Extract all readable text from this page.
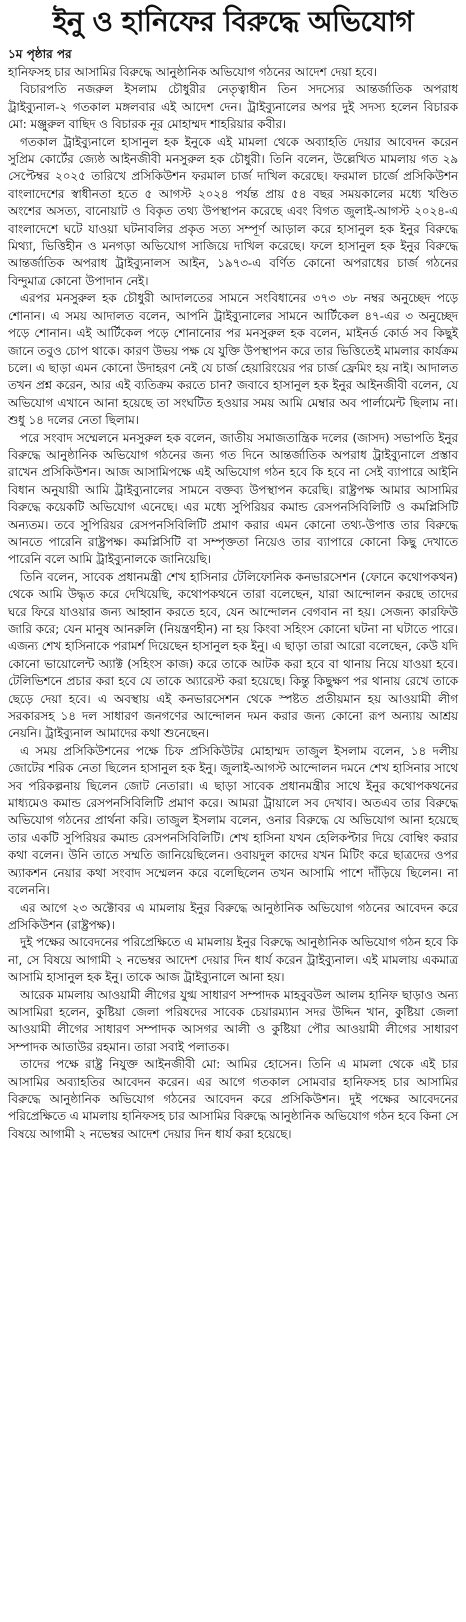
ইনু ও হানিফের বিরুদ্ধে অভিযোগ
১ম পৃষ্ঠার পর

হানিফসহ চার আসামির বিরুদ্ধে আনুষ্ঠানিক অভিযোগ গঠনের আদেশ দেয়া হবে।

বিচারপতি নজরুল ইসলাম চৌধুরীর নেতৃত্বাধীন তিন সদস্যের আন্তর্জাতিক অপরাধ ট্রাইব্যুনাল-২ গতকাল মঙ্গলবার এই আদেশ দেন। ট্রাইব্যুনালের অপর দুই সদস্য হলেন বিচারক মো: মঞ্জুরুল বাছিদ ও বিচারক নূর মোহাম্মদ শাহরিয়ার কবীর।

গতকাল ট্রাইব্যুনালে হাসানুল হক ইনুকে এই মামলা থেকে অব্যাহতি দেয়ার আবেদন করেন সুপ্রিম কোর্টের জ্যেষ্ঠ আইনজীবী মনসুরুল হক চৌধুরী। তিনি বলেন, উল্লেখিত মামলায় গত ২৯ সেপ্টেম্বর ২০২৫ তারিখে প্রসিকিউশন ফরমাল চার্জ দাখিল করেছে। ফরমাল চার্জে প্রসিকিউশন বাংলাদেশের স্বাধীনতা হতে ৫ আগস্ট ২০২৪ পর্যন্ত প্রায় ৫৪ বছর সময়কালের মধ্যে খণ্ডিত অংশের অসত্য, বানোয়াট ও বিকৃত তথ্য উপস্থাপন করেছে এবং বিগত জুলাই-আগস্ট ২০২৪-এ বাংলাদেশে ঘটে যাওয়া ঘটনাবলির প্রকৃত সত্য সম্পূর্ণ আড়াল করে হাসানুল হক ইনুর বিরুদ্ধে মিথ্যা, ভিত্তিহীন ও মনগড়া অভিযোগ সাজিয়ে দাখিল করেছে। ফলে হাসানুল হক ইনুর বিরুদ্ধে আন্তর্জাতিক অপরাধ ট্রাইব্যুনালস আইন, ১৯৭৩-এ বর্ণিত কোনো অপরাধের চার্জ গঠনের বিন্দুমাত্র কোনো উপাদান নেই।

এরপর মনসুরুল হক চৌধুরী আদালতের সামনে সংবিধানের ৩৭৩ ৩৮ নম্বর অনুচ্ছেদ পড়ে শোনান। এ সময় আদালত বলেন, আপনি ট্রাইব্যুনালের সামনে আর্টিকেল ৪৭-এর ৩ অনুচ্ছেদ পড়ে শোনান। এই আর্টিকেল পড়ে শোনানোর পর মনসুরুল হক বলেন, মাইনর্ড কোর্ড সব কিছুই জানে তবুও চোপ থাকে। কারণ উভয় পক্ষ যে যুক্তি উপস্থাপন করে তার ভিত্তিতেই মামলার কার্যক্রম চলে। এ ছাড়া এমন কোনো উদাহরণ নেই যে চার্জ হেয়ারিংয়ের পর চার্জ ফ্রেমিং হয় নাই। আদালত তখন প্রশ্ন করেন, আর এই ব্যতিক্রম করতে চান? জবাবে হাসানুল হক ইনুর আইনজীবী বলেন, যে অভিযোগ এখানে আনা হয়েছে তা সংঘটিত হওয়ার সময় আমি মেম্বার অব পার্লামেন্ট ছিলাম না। শুধু ১৪ দলের নেতা ছিলাম।

পরে সংবাদ সম্মেলনে মনসুরুল হক বলেন, জাতীয় সমাজতান্ত্রিক দলের (জাসদ) সভাপতি ইনুর বিরুদ্ধে আনুষ্ঠানিক অভিযোগ গঠনের জন্য গত দিনে আন্তর্জাতিক অপরাধ ট্রাইব্যুনালে প্রস্তাব রাখেন প্রসিকিউশন। আজ আসামিপক্ষে এই অভিযোগ গঠন হবে কি হবে না সেই ব্যাপারে আইনি বিধান অনুযায়ী আমি ট্রাইব্যুনালের সামনে বক্তব্য উপস্থাপন করেছি। রাষ্ট্রপক্ষ আমার আসামির বিরুদ্ধে কয়েকটি অভিযোগ এনেছে। এর মধ্যে সুপিরিয়র কমান্ড রেসপনসিবিলিটি ও কমপ্লিসিটি অন্যতম। তবে সুপিরিয়র রেসপনসিবিলিটি প্রমাণ করার এমন কোনো তথ্য-উপাত্ত তার বিরুদ্ধে আনতে পারেনি রাষ্ট্রপক্ষ। কমপ্লিসিটি বা সম্পৃক্ততা নিয়েও তার ব্যাপারে কোনো কিছু দেখাতে পারেনি বলে আমি ট্রাইব্যুনালকে জানিয়েছি।

তিনি বলেন, সাবেক প্রধানমন্ত্রী শেখ হাসিনার টেলিফোনিক কনভারসেশন (ফোনে কথোপকথন) থেকে আমি উদ্ধৃত করে দেখিয়েছি, কথোপকথনে তারা বলেছেন, যারা আন্দোলন করছে তাদের ঘরে ফিরে যাওয়ার জন্য আহ্বান করতে হবে, যেন আন্দোলন বেগবান না হয়। সেজন্য কারফিউ জারি করে; যেন মানুষ আনরুলি (নিয়ন্ত্রণহীন) না হয় কিংবা সহিংস কোনো ঘটনা না ঘটাতে পারে। এজন্য শেখ হাসিনাকে পরামর্শ দিয়েছেন হাসানুল হক ইনু। এ ছাড়া তারা আরো বলেছেন, কেউ যদি কোনো ভায়োলেন্ট অ্যাক্ট (সহিংস কাজ) করে তাকে আটক করা হবে বা থানায় নিয়ে যাওয়া হবে। টেলিভিশনে প্রচার করা হবে যে তাকে অ্যারেস্ট করা হয়েছে। কিন্তু কিছুক্ষণ পর থানায় রেখে তাকে ছেড়ে দেয়া হবে। এ অবস্থায় এই কনভারসেশন থেকে স্পষ্টত প্রতীয়মান হয় আওয়ামী লীগ সরকারসহ ১৪ দল সাধারণ জনগণের আন্দোলন দমন করার জন্য কোনো রূপ অন্যায় আশ্রয় নেয়নি। ট্রাইব্যুনাল আমাদের কথা শুনেছেন।

এ সময় প্রসিকিউশনের পক্ষে চিফ প্রসিকিউটর মোহাম্মদ তাজুল ইসলাম বলেন, ১৪ দলীয় জোটের শরিক নেতা ছিলেন হাসানুল হক ইনু। জুলাই-আগস্ট আন্দোলন দমনে শেখ হাসিনার সাথে সব পরিকল্পনায় ছিলেন জোট নেতারা। এ ছাড়া সাবেক প্রধানমন্ত্রীর সাথে ইনুর কথোপকথনের মাধ্যমেও কমান্ড রেসপনসিবিলিটি প্রমাণ করে। আমরা ট্রায়ালে সব দেখাব। অতএব তার বিরুদ্ধে অভিযোগ গঠনের প্রার্থনা করি। তাজুল ইসলাম বলেন, ওনার বিরুদ্ধে যে অভিযোগ আনা হয়েছে তার একটি সুপিরিয়র কমান্ড রেসপনসিবিলিটি। শেখ হাসিনা যখন হেলিকপ্টার দিয়ে বোম্বিং করার কথা বলেন। উনি তাতে সম্মতি জানিয়েছিলেন। ওবায়দুল কাদের যখন মিটিং করে ছাত্রদের ওপর অ্যাকশন নেয়ার কথা সংবাদ সম্মেলন করে বলেছিলেন তখন আসামি পাশে দাঁড়িয়ে ছিলেন। না বলেননি।

এর আগে ২৩ অক্টোবর এ মামলায় ইনুর বিরুদ্ধে আনুষ্ঠানিক অভিযোগ গঠনের আবেদন করে প্রসিকিউশন (রাষ্ট্রপক্ষ)।

দুই পক্ষের আবেদনের পরিপ্রেক্ষিতে এ মামলায় ইনুর বিরুদ্ধে আনুষ্ঠানিক অভিযোগ গঠন হবে কি না, সে বিষয়ে আগামী ২ নভেম্বর আদেশ দেয়ার দিন ধার্য করেন ট্রাইব্যুনাল। এই মামলায় একমাত্র আসামি হাসানুল হক ইনু। তাকে আজ ট্রাইব্যুনালে আনা হয়।

আরেক মামলায় আওয়ামী লীগের যুগ্ম সাধারণ সম্পাদক মাহবুবউল আলম হানিফ ছাড়াও অন্য আসামিরা হলেন, কুষ্টিয়া জেলা পরিষদের সাবেক চেয়ারম্যান সদর উদ্দিন খান, কুষ্টিয়া জেলা আওয়ামী লীগের সাধারণ সম্পাদক আসগর আলী ও কুষ্টিয়া পৌর আওয়ামী লীগের সাধারণ সম্পাদক আতাউর রহমান। তারা সবাই পলাতক।

তাদের পক্ষে রাষ্ট্র নিযুক্ত আইনজীবী মো: আমির হোসেন। তিনি এ মামলা থেকে এই চার আসামির অব্যাহতির আবেদন করেন। এর আগে গতকাল সোমবার হানিফসহ চার আসামির বিরুদ্ধে আনুষ্ঠানিক অভিযোগ গঠনের আবেদন করে প্রসিকিউশন। দুই পক্ষের আবেদনের পরিপ্রেক্ষিতে এ মামলায় হানিফসহ চার আসামির বিরুদ্ধে আনুষ্ঠানিক অভিযোগ গঠন হবে কিনা সে বিষয়ে আগামী ২ নভেম্বর আদেশ দেয়ার দিন ধার্য করা হয়েছে।
